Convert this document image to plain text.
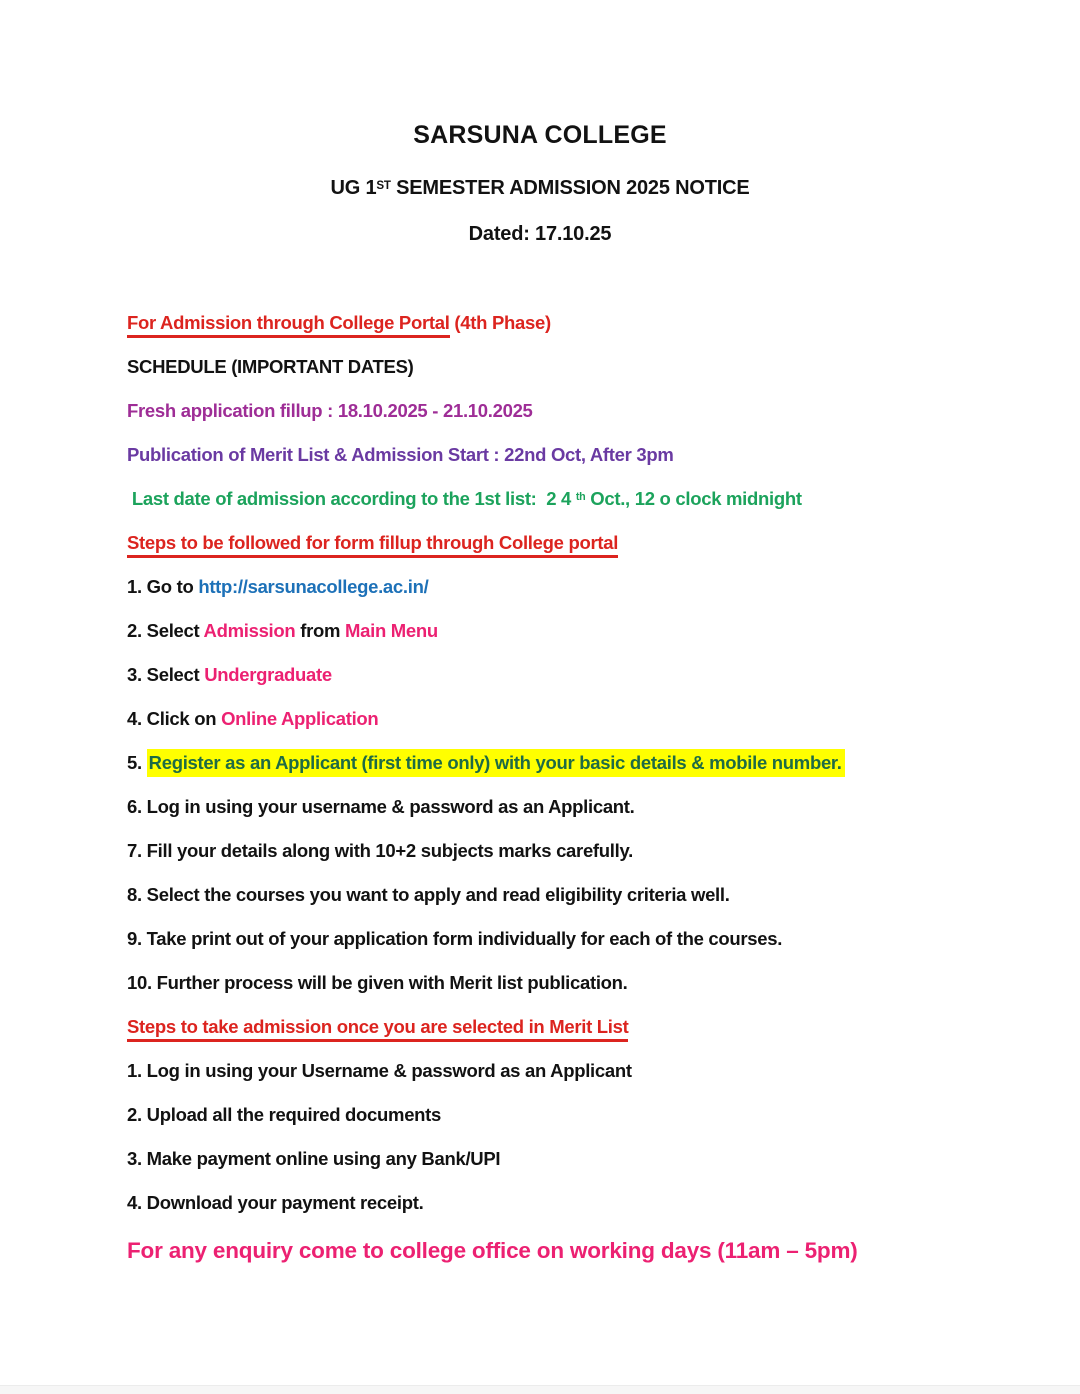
SARSUNA COLLEGE

UG 1ST SEMESTER ADMISSION 2025 NOTICE

Dated: 17.10.25

For Admission through College Portal (4th Phase)

SCHEDULE (IMPORTANT DATES)

Fresh application fillup : 18.10.2025 - 21.10.2025

Publication of Merit List & Admission Start : 22nd Oct, After 3pm

Last date of admission according to the 1st list:  2 4 $^{th}$ Oct., 12 o clock midnight

Steps to be followed for form fillup through College portal

1. Go to http://sarsunacollege.ac.in/

2. Select Admission from Main Menu

3. Select Undergraduate

4. Click on Online Application

5. Register as an Applicant (first time only) with your basic details & mobile number.

6. Log in using your username & password as an Applicant.

7. Fill your details along with 10+2 subjects marks carefully.

8. Select the courses you want to apply and read eligibility criteria well.

9. Take print out of your application form individually for each of the courses.

10. Further process will be given with Merit list publication.

Steps to take admission once you are selected in Merit List

1. Log in using your Username & password as an Applicant

2. Upload all the required documents

3. Make payment online using any Bank/UPI

4. Download your payment receipt.

For any enquiry come to college office on working days (11am – 5pm)
